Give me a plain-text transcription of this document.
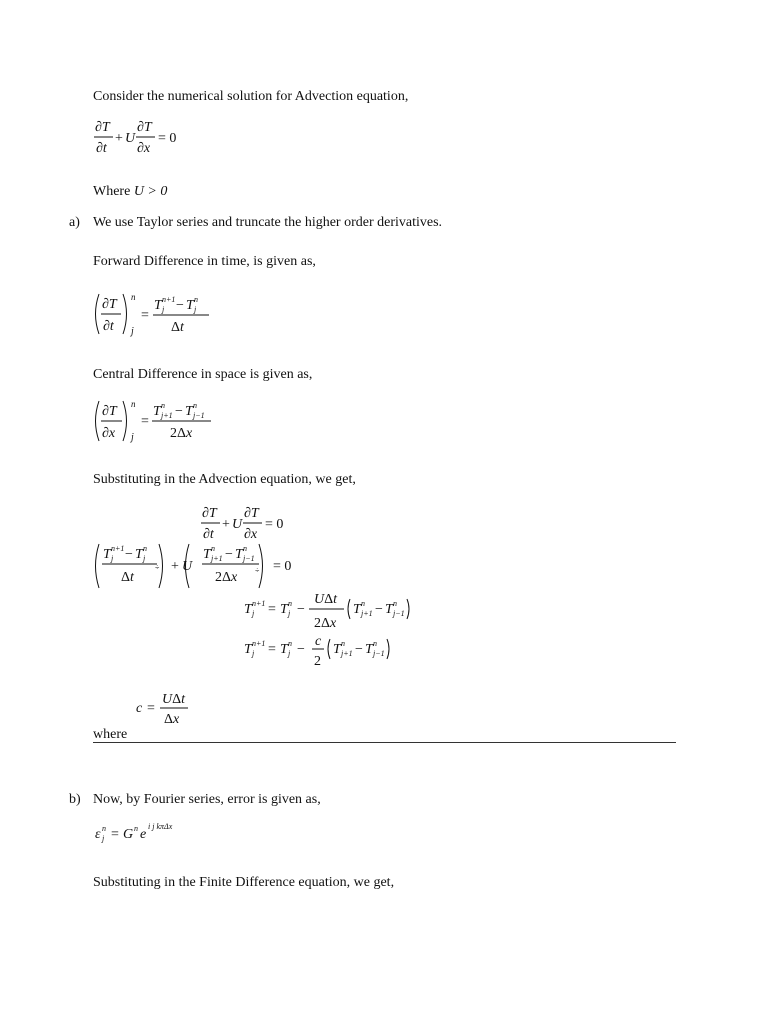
Consider the numerical solution for Advection equation,
∂T
∂t
+ U
∂T
∂x
= 0
Where U > 0
a) We use Taylor series and truncate the higher order derivatives.
Forward Difference in time, is given as,
∂T
∂t
n
j
=
T n+1
j − T n
j
Δt
Central Difference in space is given as,
∂T
∂x
n
j
=
T n
j+1 − T n
j−1
2Δx
Substituting in the Advection equation, we get,
∂T
∂t
+ U
∂T
∂x
= 0
T n+1
j − T n
j
Δt
÷ + U
T n
j+1 − T n
j−1
2Δx ÷ = 0
T n+1
j = T n
j −
UΔt
2Δx
T n
j+1 − T n
j−1
T n+1
j = T n
j −
c
2
T n
j+1 − T n
j−1
c =
UΔt
Δx
where
b) Now, by Fourier series, error is given as,
ε n
j = G n e
i j kπΔx
Substituting in the Finite Difference equation, we get,
